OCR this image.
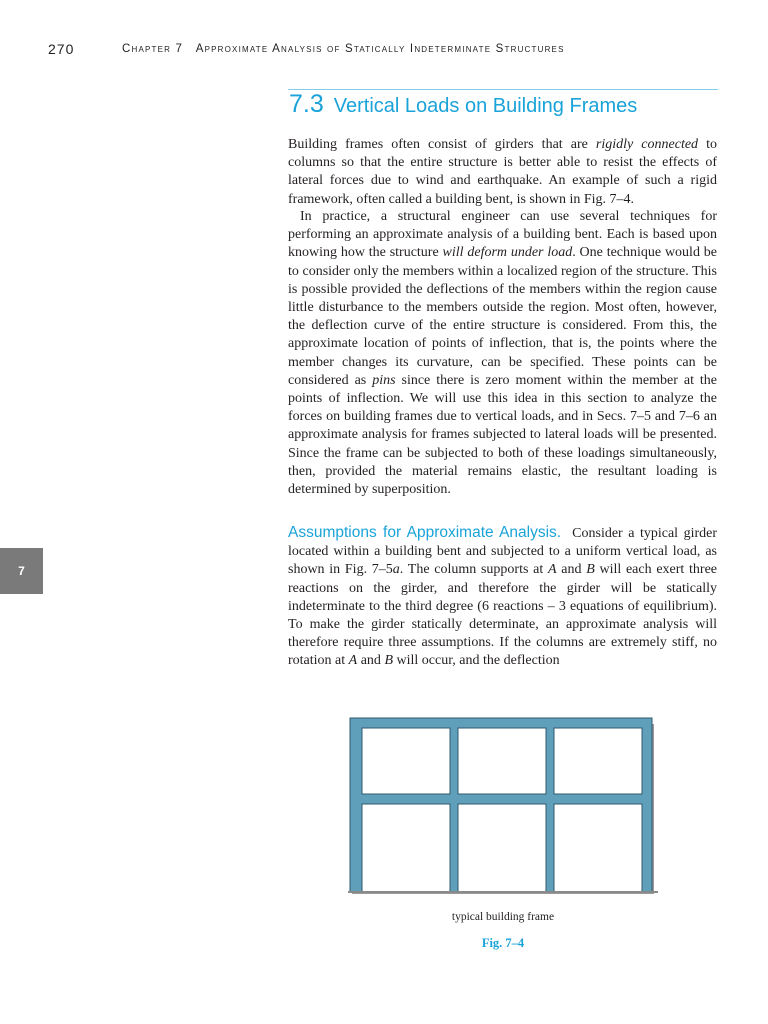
270	Chapter 7   Approximate Analysis of Statically Indeterminate Structures
7.3 Vertical Loads on Building Frames

Building frames often consist of girders that are rigidly connected to columns so that the entire structure is better able to resist the effects of lateral forces due to wind and earthquake. An example of such a rigid framework, often called a building bent, is shown in Fig. 7–4.

In practice, a structural engineer can use several techniques for performing an approximate analysis of a building bent. Each is based upon knowing how the structure will deform under load. One technique would be to consider only the members within a localized region of the structure. This is possible provided the deflections of the members within the region cause little disturbance to the members outside the region. Most often, however, the deflection curve of the entire structure is considered. From this, the approximate location of points of inflection, that is, the points where the member changes its curvature, can be specified. These points can be considered as pins since there is zero moment within the member at the points of inflection. We will use this idea in this section to analyze the forces on building frames due to vertical loads, and in Secs. 7–5 and 7–6 an approximate analysis for frames subjected to lateral loads will be presented. Since the frame can be subjected to both of these loadings simultaneously, then, provided the material remains elastic, the resultant loading is determined by superposition.

Assumptions for Approximate Analysis.  Consider a typical girder located within a building bent and subjected to a uniform vertical load, as shown in Fig. 7–5a. The column supports at A and B will each exert three reactions on the girder, and therefore the girder will be statically indeterminate to the third degree (6 reactions – 3 equations of equilibrium). To make the girder statically determinate, an approximate analysis will therefore require three assumptions. If the columns are extremely stiff, no rotation at A and B will occur, and the deflection

7
typical building frame
Fig. 7–4
